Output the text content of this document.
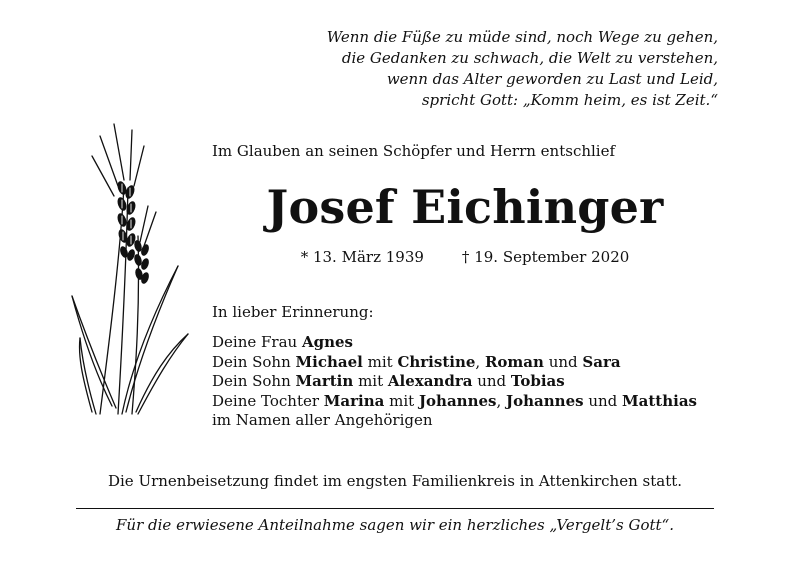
Wenn die Füße zu müde sind, noch Wege zu gehen,
die Gedanken zu schwach, die Welt zu verstehen,
wenn das Alter geworden zu Last und Leid,
spricht Gott: „Komm heim, es ist Zeit.“
Im Glauben an seinen Schöpfer und Herrn entschlief
Josef Eichinger
* 13. März 1939	† 19. September 2020
In lieber Erinnerung:
Deine Frau Agnes
Dein Sohn Michael mit Christine, Roman und Sara
Dein Sohn Martin mit Alexandra und Tobias
Deine Tochter Marina mit Johannes, Johannes und Matthias
im Namen aller Angehörigen
Die Urnenbeisetzung findet im engsten Familienkreis in Attenkirchen statt.
Für die erwiesene Anteilnahme sagen wir ein herzliches „Vergelt’s Gott“.
